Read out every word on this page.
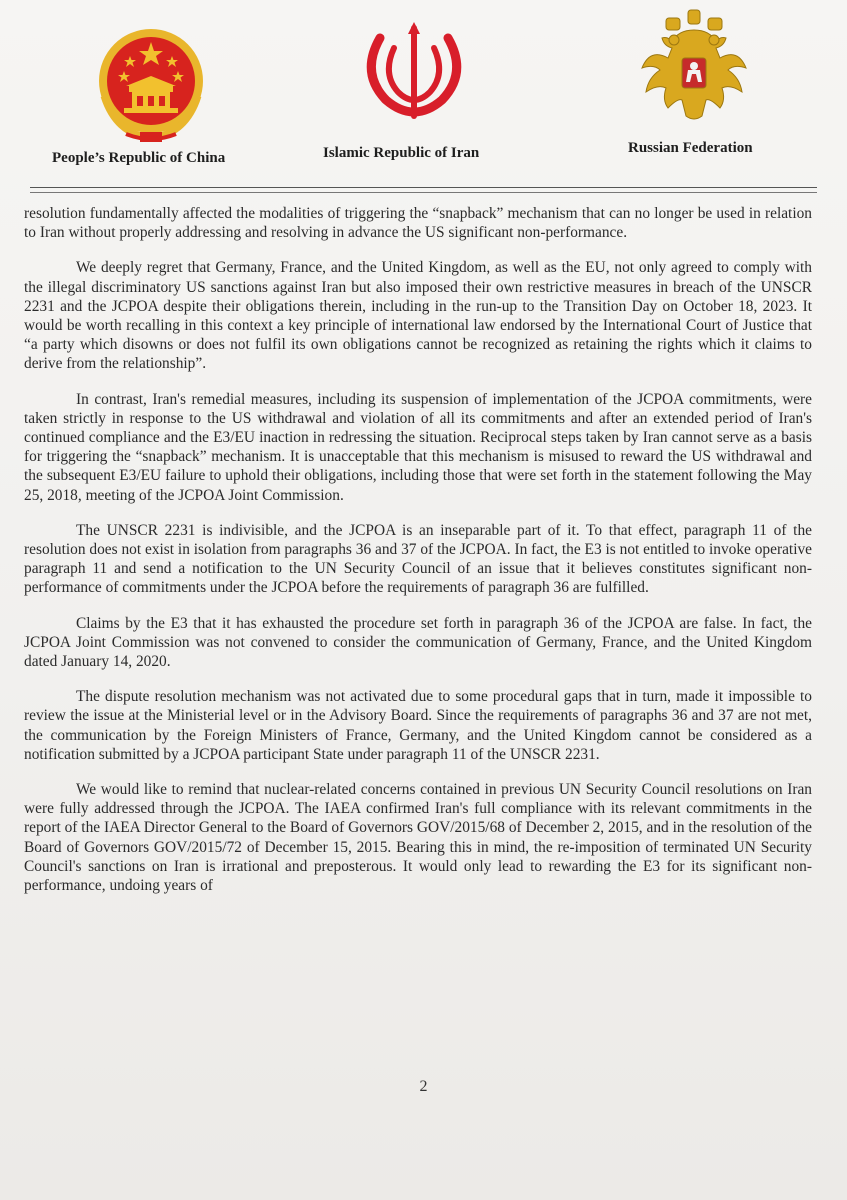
People’s Republic of China	Islamic Republic of Iran	Russian Federation

resolution fundamentally affected the modalities of triggering the “snapback” mechanism that can no longer be used in relation to Iran without properly addressing and resolving in advance the US significant non-performance.

We deeply regret that Germany, France, and the United Kingdom, as well as the EU, not only agreed to comply with the illegal discriminatory US sanctions against Iran but also imposed their own restrictive measures in breach of the UNSCR 2231 and the JCPOA despite their obligations therein, including in the run-up to the Transition Day on October 18, 2023. It would be worth recalling in this context a key principle of international law endorsed by the International Court of Justice that “a party which disowns or does not fulfil its own obligations cannot be recognized as retaining the rights which it claims to derive from the relationship”.

In contrast, Iran's remedial measures, including its suspension of implementation of the JCPOA commitments, were taken strictly in response to the US withdrawal and violation of all its commitments and after an extended period of Iran's continued compliance and the E3/EU inaction in redressing the situation. Reciprocal steps taken by Iran cannot serve as a basis for triggering the “snapback” mechanism. It is unacceptable that this mechanism is misused to reward the US withdrawal and the subsequent E3/EU failure to uphold their obligations, including those that were set forth in the statement following the May 25, 2018, meeting of the JCPOA Joint Commission.

The UNSCR 2231 is indivisible, and the JCPOA is an inseparable part of it. To that effect, paragraph 11 of the resolution does not exist in isolation from paragraphs 36 and 37 of the JCPOA. In fact, the E3 is not entitled to invoke operative paragraph 11 and send a notification to the UN Security Council of an issue that it believes constitutes significant non-performance of commitments under the JCPOA before the requirements of paragraph 36 are fulfilled.

Claims by the E3 that it has exhausted the procedure set forth in paragraph 36 of the JCPOA are false. In fact, the JCPOA Joint Commission was not convened to consider the communication of Germany, France, and the United Kingdom dated January 14, 2020.

The dispute resolution mechanism was not activated due to some procedural gaps that in turn, made it impossible to review the issue at the Ministerial level or in the Advisory Board. Since the requirements of paragraphs 36 and 37 are not met, the communication by the Foreign Ministers of France, Germany, and the United Kingdom cannot be considered as a notification submitted by a JCPOA participant State under paragraph 11 of the UNSCR 2231.

We would like to remind that nuclear-related concerns contained in previous UN Security Council resolutions on Iran were fully addressed through the JCPOA. The IAEA confirmed Iran's full compliance with its relevant commitments in the report of the IAEA Director General to the Board of Governors GOV/2015/68 of December 2, 2015, and in the resolution of the Board of Governors GOV/2015/72 of December 15, 2015. Bearing this in mind, the re-imposition of terminated UN Security Council's sanctions on Iran is irrational and preposterous. It would only lead to rewarding the E3 for its significant non-performance, undoing years of

2
